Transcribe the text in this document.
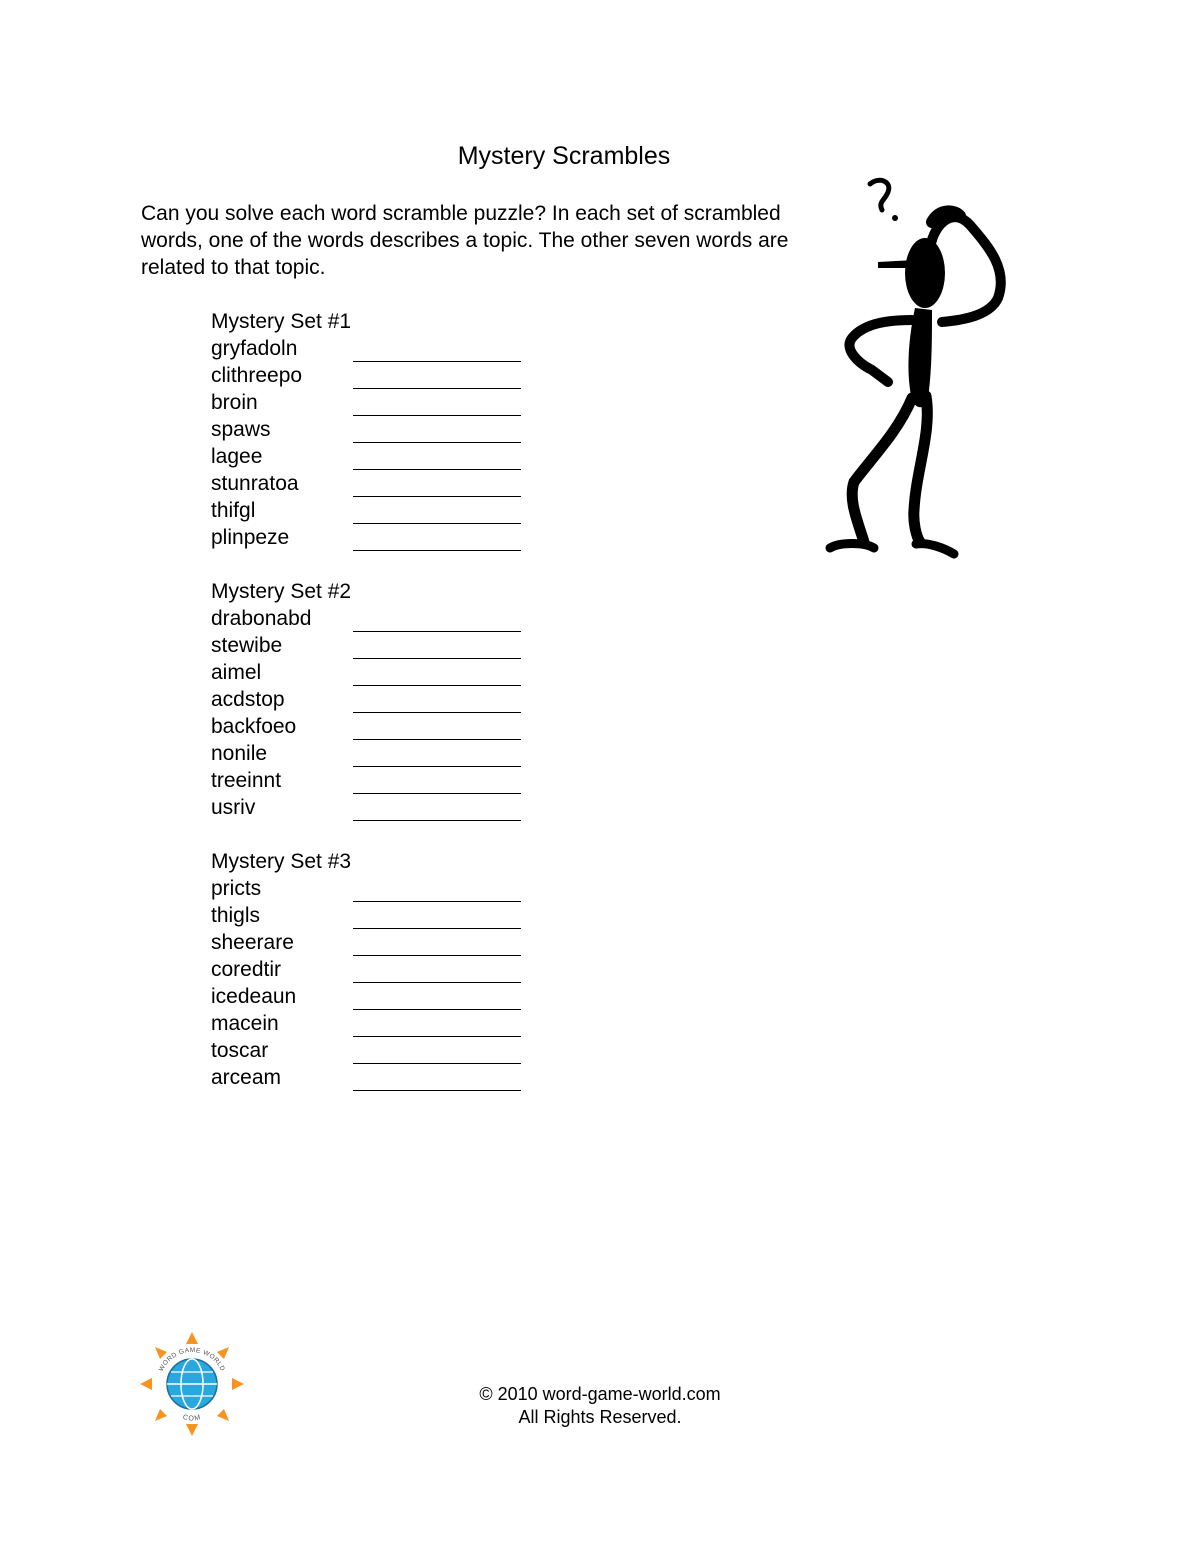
Mystery Scrambles

Can you solve each word scramble puzzle? In each set of scrambled words, one of the words describes a topic. The other seven words are related to that topic.

Mystery Set #1
gryfadoln
clithreepo
broin
spaws
lagee
stunratoa
thifgl
plinpeze
Mystery Set #2
drabonabd
stewibe
aimel
acdstop
backfoeo
nonile
treeinnt
usriv
Mystery Set #3
pricts
thigls
sheerare
coredtir
icedeaun
macein
toscar
arceam
WORD GAME WORLD
COM
© 2010 word-game-world.com
All Rights Reserved.
